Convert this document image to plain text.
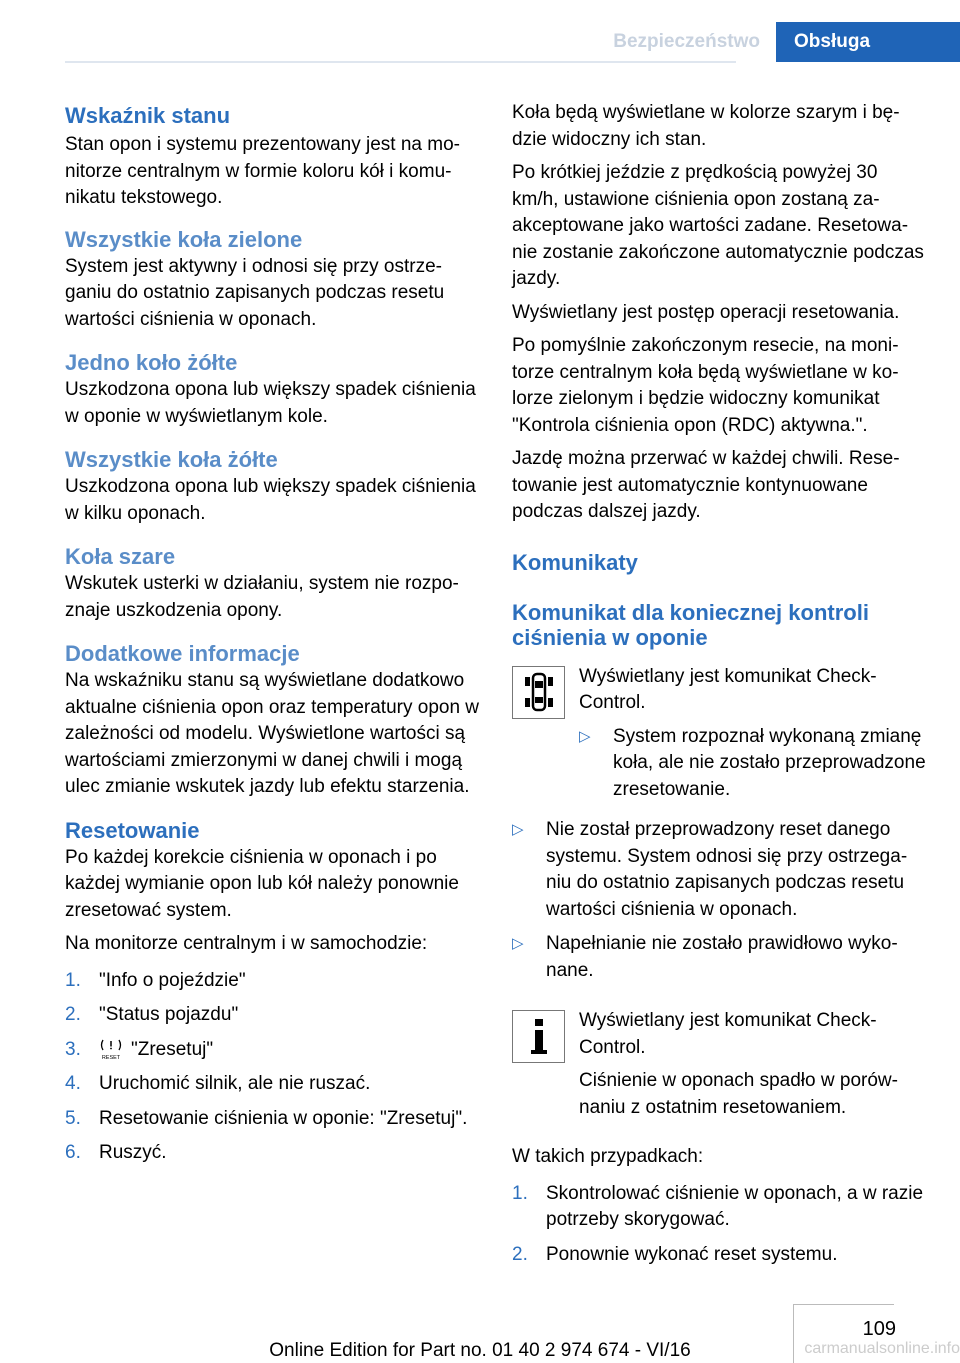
Bezpieczeństwo	Obsługa
Wskaźnik stanu

Stan opon i systemu prezentowany jest na monitorze centralnym w formie koloru kół i komunikatu tekstowego.

Wszystkie koła zielone

System jest aktywny i odnosi się przy ostrzeganiu do ostatnio zapisanych podczas resetu wartości ciśnienia w oponach.

Jedno koło żółte

Uszkodzona opona lub większy spadek ciśnienia w oponie w wyświetlanym kole.

Wszystkie koła żółte

Uszkodzona opona lub większy spadek ciśnienia w kilku oponach.

Koła szare

Wskutek usterki w działaniu, system nie rozpoznaje uszkodzenia opony.

Dodatkowe informacje

Na wskaźniku stanu są wyświetlane dodatkowo aktualne ciśnienia opon oraz temperatury opon w zależności od modelu. Wyświetlone wartości są wartościami zmierzonymi w danej chwili i mogą ulec zmianie wskutek jazdy lub efektu starzenia.

Resetowanie

Po każdej korekcie ciśnienia w oponach i po każdej wymianie opon lub kół należy ponownie zresetować system.

Na monitorze centralnym i w samochodzie:

1. "Info o pojeździe"
2. "Status pojazdu"
3.	RESET "Zresetuj"
4. Uruchomić silnik, ale nie ruszać.
5. Resetowanie ciśnienia w oponie: "Zresetuj".
6. Ruszyć.

Koła będą wyświetlane w kolorze szarym i będzie widoczny ich stan.

Po krótkiej jeździe z prędkością powyżej 30 km/h, ustawione ciśnienia opon zostaną zaakceptowane jako wartości zadane. Resetowanie zostanie zakończone automatycznie podczas jazdy.

Wyświetlany jest postęp operacji resetowania.

Po pomyślnie zakończonym resecie, na monitorze centralnym koła będą wyświetlane w kolorze zielonym i będzie widoczny komunikat "Kontrola ciśnienia opon (RDC) aktywna.".

Jazdę można przerwać w każdej chwili. Resetowanie jest automatycznie kontynuowane podczas dalszej jazdy.

Komunikaty
Komunikat dla koniecznej kontroli ciśnienia w oponie

Wyświetlany jest komunikat Check-Control.

▷	System rozpoznał wykonaną zmianę koła, ale nie zostało przeprowadzone zresetowanie.
▷	Nie został przeprowadzony reset danego systemu. System odnosi się przy ostrzeganiu do ostatnio zapisanych podczas resetu wartości ciśnienia w oponach.
▷	Napełnianie nie zostało prawidłowo wykonane.

Wyświetlany jest komunikat Check-Control.

Ciśnienie w oponach spadło w porównaniu z ostatnim resetowaniem.

W takich przypadkach:

1. Skontrolować ciśnienie w oponach, a w razie potrzeby skorygować.
2. Ponownie wykonać reset systemu.
109
Online Edition for Part no. 01 40 2 974 674 - VI/16	carmanualsonline.info
